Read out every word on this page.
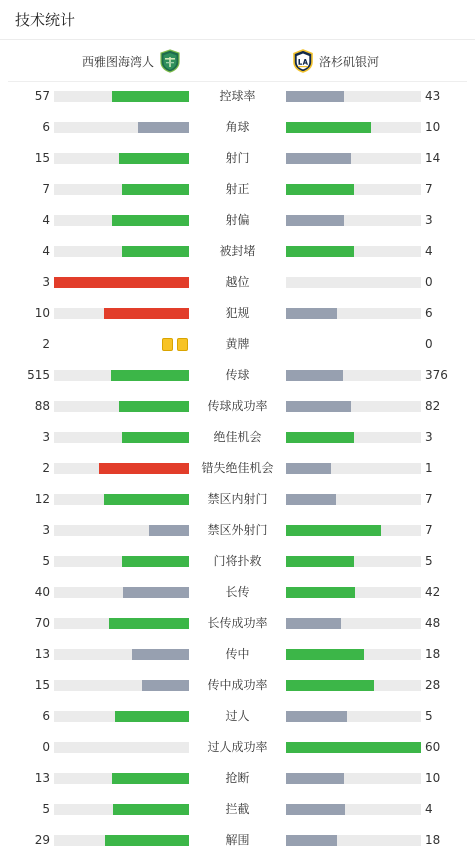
技术统计
西雅图海湾人	洛杉矶银河
57	控球率	43
6	角球	10
15	射门	14
7	射正	7
4	射偏	3
4	被封堵	4
3	越位	0
10	犯规	6
2	黄牌	0
515	传球	376
88	传球成功率	82
3	绝佳机会	3
2	错失绝佳机会	1
12	禁区内射门	7
3	禁区外射门	7
5	门将扑救	5
40	长传	42
70	长传成功率	48
13	传中	18
15	传中成功率	28
6	过人	5
0	过人成功率	60
13	抢断	10
5	拦截	4
29	解围	18
